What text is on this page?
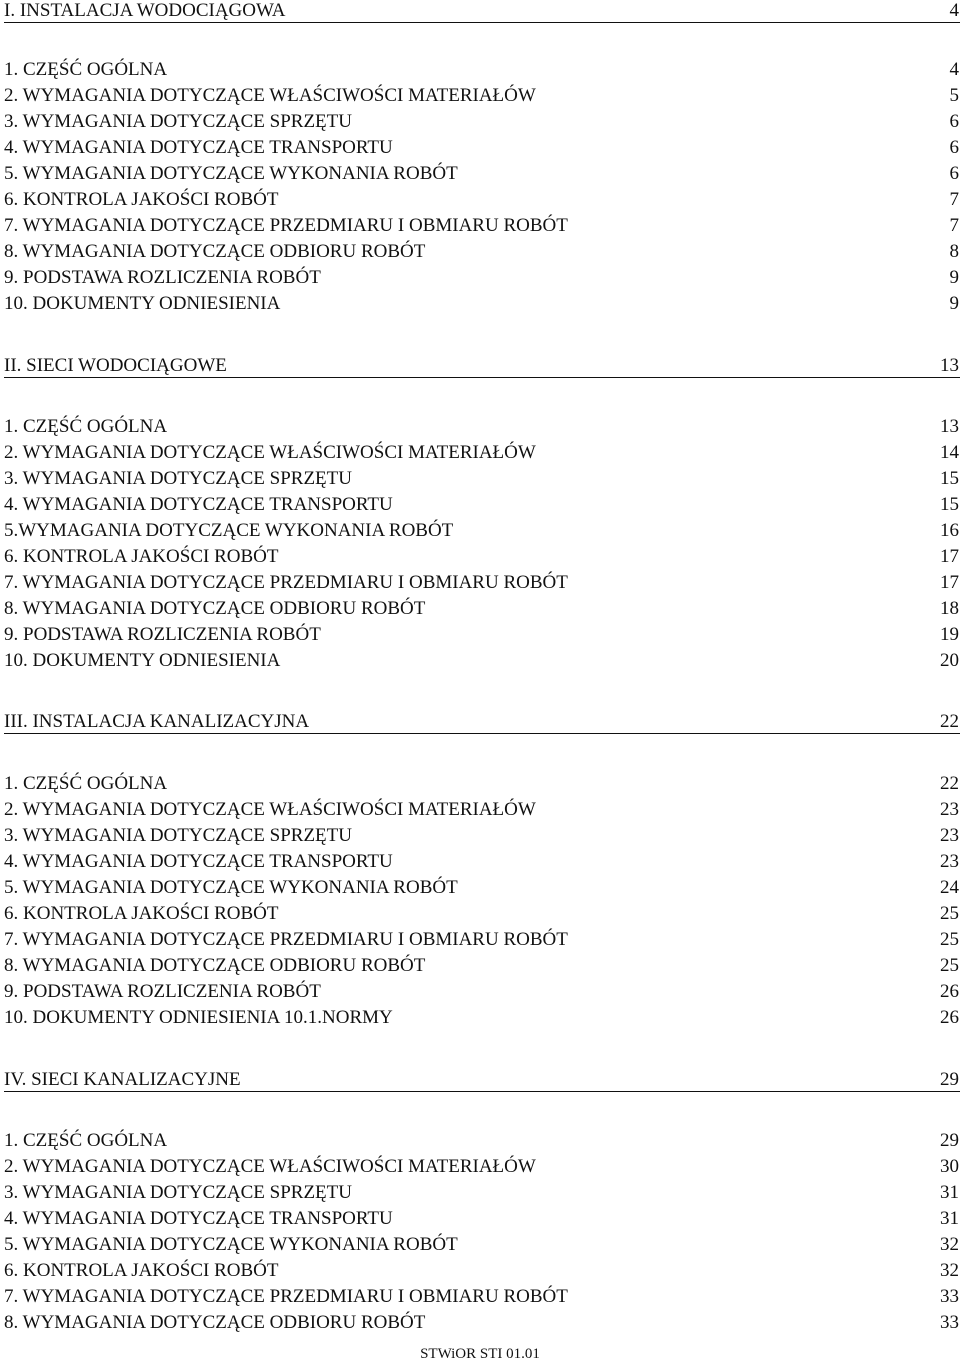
I. INSTALACJA WODOCIĄGOWA	4
1. CZĘŚĆ OGÓLNA	4
2. WYMAGANIA DOTYCZĄCE WŁAŚCIWOŚCI MATERIAŁÓW	5
3. WYMAGANIA DOTYCZĄCE SPRZĘTU	6
4. WYMAGANIA DOTYCZĄCE TRANSPORTU	6
5. WYMAGANIA DOTYCZĄCE WYKONANIA ROBÓT	6
6. KONTROLA JAKOŚCI ROBÓT	7
7. WYMAGANIA DOTYCZĄCE PRZEDMIARU I OBMIARU ROBÓT	7
8. WYMAGANIA DOTYCZĄCE ODBIORU ROBÓT	8
9. PODSTAWA ROZLICZENIA ROBÓT	9
10. DOKUMENTY ODNIESIENIA	9
II. SIECI WODOCIĄGOWE	13
1. CZĘŚĆ OGÓLNA	13
2. WYMAGANIA DOTYCZĄCE WŁAŚCIWOŚCI MATERIAŁÓW	14
3. WYMAGANIA DOTYCZĄCE SPRZĘTU	15
4. WYMAGANIA DOTYCZĄCE TRANSPORTU	15
5.WYMAGANIA DOTYCZĄCE WYKONANIA ROBÓT	16
6. KONTROLA JAKOŚCI ROBÓT	17
7. WYMAGANIA DOTYCZĄCE PRZEDMIARU I OBMIARU ROBÓT	17
8. WYMAGANIA DOTYCZĄCE ODBIORU ROBÓT	18
9. PODSTAWA ROZLICZENIA ROBÓT	19
10. DOKUMENTY ODNIESIENIA	20
III. INSTALACJA KANALIZACYJNA	22
1. CZĘŚĆ OGÓLNA	22
2. WYMAGANIA DOTYCZĄCE WŁAŚCIWOŚCI MATERIAŁÓW	23
3. WYMAGANIA DOTYCZĄCE SPRZĘTU	23
4. WYMAGANIA DOTYCZĄCE TRANSPORTU	23
5. WYMAGANIA DOTYCZĄCE WYKONANIA ROBÓT	24
6. KONTROLA JAKOŚCI ROBÓT	25
7. WYMAGANIA DOTYCZĄCE PRZEDMIARU I OBMIARU ROBÓT	25
8. WYMAGANIA DOTYCZĄCE ODBIORU ROBÓT	25
9. PODSTAWA ROZLICZENIA ROBÓT	26
10. DOKUMENTY ODNIESIENIA 10.1.NORMY	26
IV. SIECI KANALIZACYJNE	29
1. CZĘŚĆ OGÓLNA	29
2. WYMAGANIA DOTYCZĄCE WŁAŚCIWOŚCI MATERIAŁÓW	30
3. WYMAGANIA DOTYCZĄCE SPRZĘTU	31
4. WYMAGANIA DOTYCZĄCE TRANSPORTU	31
5. WYMAGANIA DOTYCZĄCE WYKONANIA ROBÓT	32
6. KONTROLA JAKOŚCI ROBÓT	32
7. WYMAGANIA DOTYCZĄCE PRZEDMIARU I OBMIARU ROBÓT	33
8. WYMAGANIA DOTYCZĄCE ODBIORU ROBÓT	33
STWiOR STI 01.01
